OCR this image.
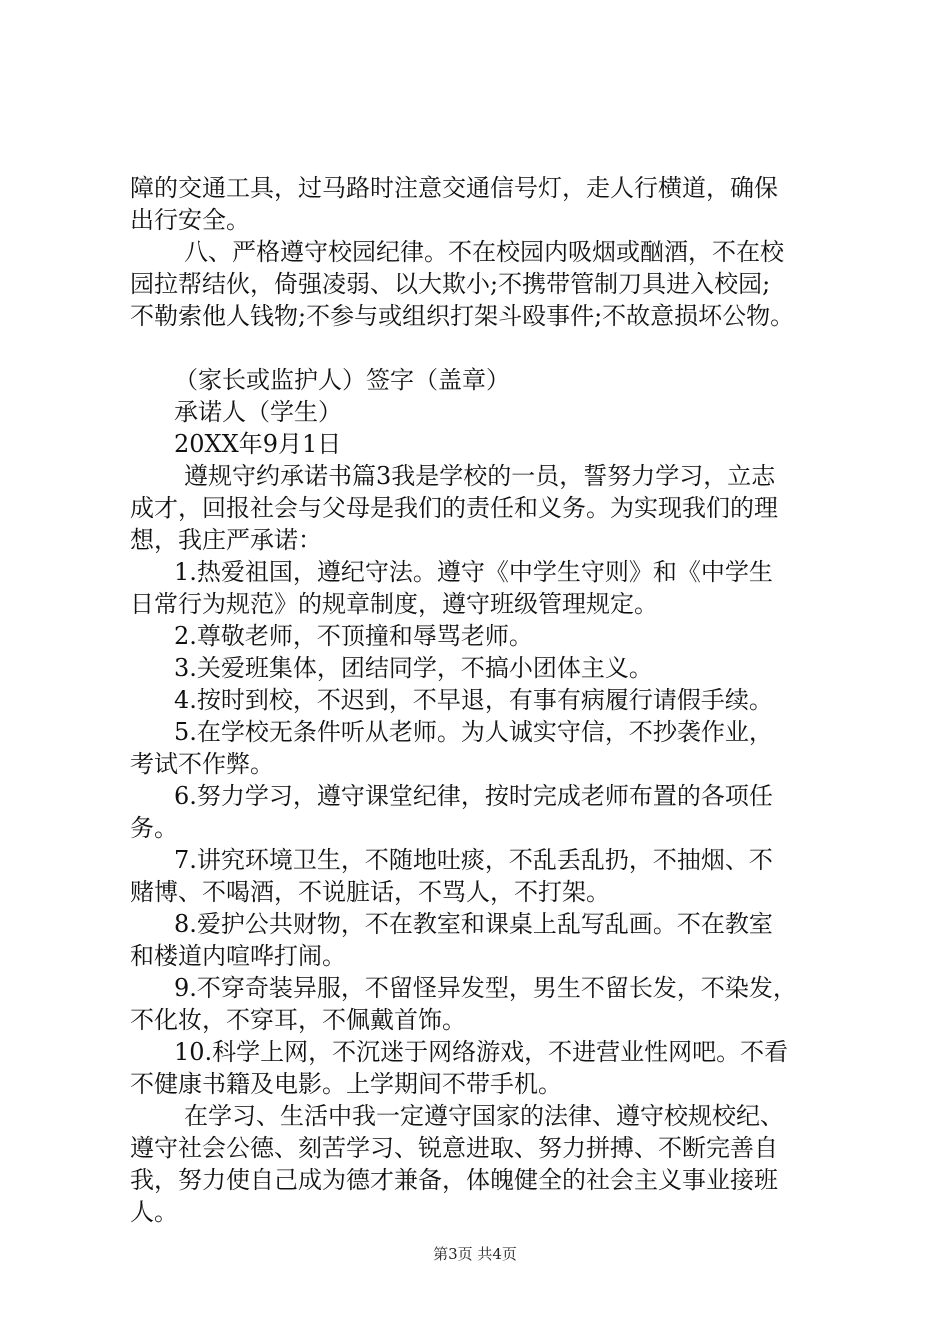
障的交通工具，过马路时注意交通信号灯，走人行横道，确保
出行安全。

八、严格遵守校园纪律。不在校园内吸烟或酗酒，不在校
园拉帮结伙，倚强凌弱、以大欺小;不携带管制刀具进入校园;
不勒索他人钱物;不参与或组织打架斗殴事件;不故意损坏公物。

（家长或监护人）签字（盖章）
承诺人（学生）
20XX年9月1日

遵规守约承诺书篇3我是学校的一员，誓努力学习，立志
成才，回报社会与父母是我们的责任和义务。为实现我们的理
想，我庄严承诺：

1.热爱祖国，遵纪守法。遵守《中学生守则》和《中学生
日常行为规范》的规章制度，遵守班级管理规定。

2.尊敬老师，不顶撞和辱骂老师。

3.关爱班集体，团结同学，不搞小团体主义。

4.按时到校，不迟到，不早退，有事有病履行请假手续。

5.在学校无条件听从老师。为人诚实守信，不抄袭作业，
考试不作弊。

6.努力学习，遵守课堂纪律，按时完成老师布置的各项任
务。

7.讲究环境卫生，不随地吐痰，不乱丢乱扔，不抽烟、不
赌博、不喝酒，不说脏话，不骂人，不打架。

8.爱护公共财物，不在教室和课桌上乱写乱画。不在教室
和楼道内喧哗打闹。

9.不穿奇装异服，不留怪异发型，男生不留长发，不染发，
不化妆，不穿耳，不佩戴首饰。

10.科学上网，不沉迷于网络游戏，不进营业性网吧。不看
不健康书籍及电影。上学期间不带手机。

在学习、生活中我一定遵守国家的法律、遵守校规校纪、
遵守社会公德、刻苦学习、锐意进取、努力拼搏、不断完善自
我，努力使自己成为德才兼备，体魄健全的社会主义事业接班
人。

第3页 共4页
